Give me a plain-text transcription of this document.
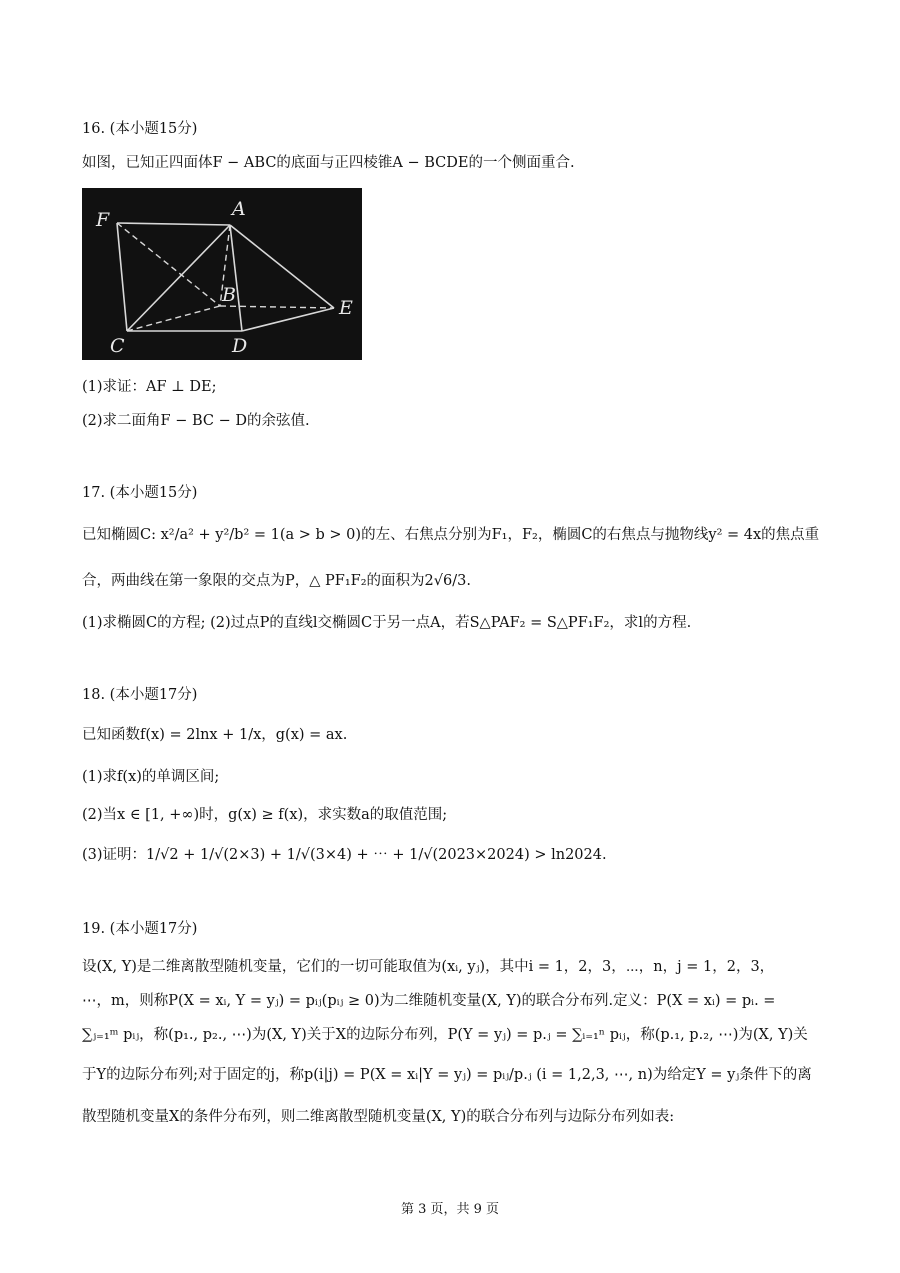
16. (本小题15分)
如图，已知正四面体F − ABC的底面与正四棱锥A − BCDE的一个侧面重合.
F	A
B
C	D
E
(1)求证：AF ⊥ DE;
(2)求二面角F − BC − D的余弦值.
17. (本小题15分)
已知椭圆C: x²/a² + y²/b² = 1(a > b > 0)的左、右焦点分别为F₁，F₂，椭圆C的右焦点与抛物线y² = 4x的焦点重
合，两曲线在第一象限的交点为P，△ PF₁F₂的面积为2√6/3.
(1)求椭圆C的方程; (2)过点P的直线l交椭圆C于另一点A，若S△PAF₂ = S△PF₁F₂，求l的方程.
18. (本小题17分)
已知函数f(x) = 2lnx + 1/x，g(x) = ax.
(1)求f(x)的单调区间;
(2)当x ∈ [1, +∞)时，g(x) ≥ f(x)，求实数a的取值范围;
(3)证明：1/√2 + 1/√(2×3) + 1/√(3×4) + ⋯ + 1/√(2023×2024) > ln2024.
19. (本小题17分)
设(X, Y)是二维离散型随机变量，它们的一切可能取值为(xᵢ, yⱼ)，其中i = 1，2，3，⋯，n，j = 1，2，3，
⋯，m，则称P(X = xᵢ, Y = yⱼ) = pᵢⱼ(pᵢⱼ ≥ 0)为二维随机变量(X, Y)的联合分布列.定义：P(X = xᵢ) = pᵢ. =
∑ⱼ₌₁ᵐ pᵢⱼ，称(p₁., p₂., ⋯)为(X, Y)关于X的边际分布列，P(Y = yⱼ) = p.ⱼ = ∑ᵢ₌₁ⁿ pᵢⱼ，称(p.₁, p.₂, ⋯)为(X, Y)关
于Y的边际分布列;对于固定的j，称p(i|j) = P(X = xᵢ|Y = yⱼ) = pᵢⱼ/p.ⱼ (i = 1,2,3, ⋯, n)为给定Y = yⱼ条件下的离
散型随机变量X的条件分布列，则二维离散型随机变量(X, Y)的联合分布列与边际分布列如表:
第 3 页，共 9 页
